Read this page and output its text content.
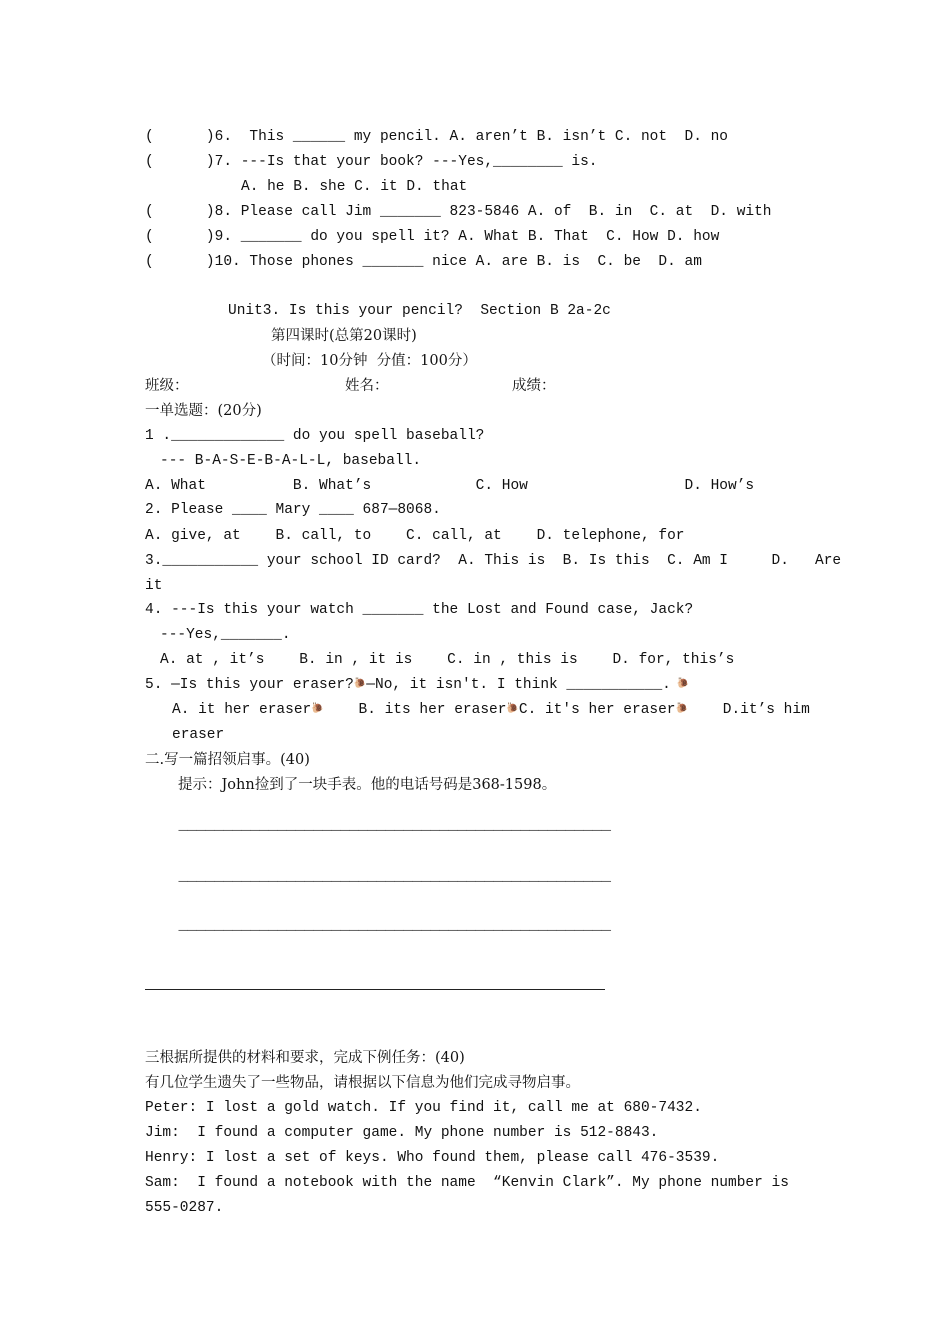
(      )6.  This ______ my pencil. A. aren’t B. isn’t C. not  D. no
(      )7. ---Is that your book? ---Yes,________ is.
A. he B. she C. it D. that
(      )8. Please call Jim _______ 823-5846 A. of  B. in  C. at  D. with
(      )9. _______ do you spell it? A. What B. That  C. How D. how
(      )10. Those phones _______ nice A. are B. is  C. be  D. am
Unit3. Is this your pencil?  Section B 2a-2c
第四课时(总第20课时)
（时间：10分钟  分值：100分）
班级：	姓名：	成绩：
一单选题：(20分)
1 ._____________ do you spell baseball?
--- B-A-S-E-B-A-L-L, baseball.
A. What          B. What’s            C. How                  D. How’s
2. Please ____ Mary ____ 687—8068.
A. give, at    B. call, to    C. call, at    D. telephone, for
3.___________ your school ID card?  A. This is  B. Is this  C. Am I     D.   Are
it
4. ---Is this your watch _______ the Lost and Found case, Jack?
---Yes,_______.
A. at , it’s    B. in , it is    C. in , this is    D. for, this’s
5. —Is this your eraser?🐌—No, it isn't. I think ___________. 🐌
A. it her eraser🐌    B. its her eraser🐌C. it's her eraser🐌    D.it’s him
eraser
二.写一篇招领启事。(40)
提示：John捡到了一块手表。他的电话号码是368-1598。
————————————————————————————————————————————————
————————————————————————————————————————————————
————————————————————————————————————————————————
三根据所提供的材料和要求，完成下例任务：(40)
有几位学生遗失了一些物品，请根据以下信息为他们完成寻物启事。
Peter: I lost a gold watch. If you find it, call me at 680-7432.
Jim:  I found a computer game. My phone number is 512-8843.
Henry: I lost a set of keys. Who found them, please call 476-3539.
Sam:  I found a notebook with the name  “Kenvin Clark”. My phone number is
555-0287.
